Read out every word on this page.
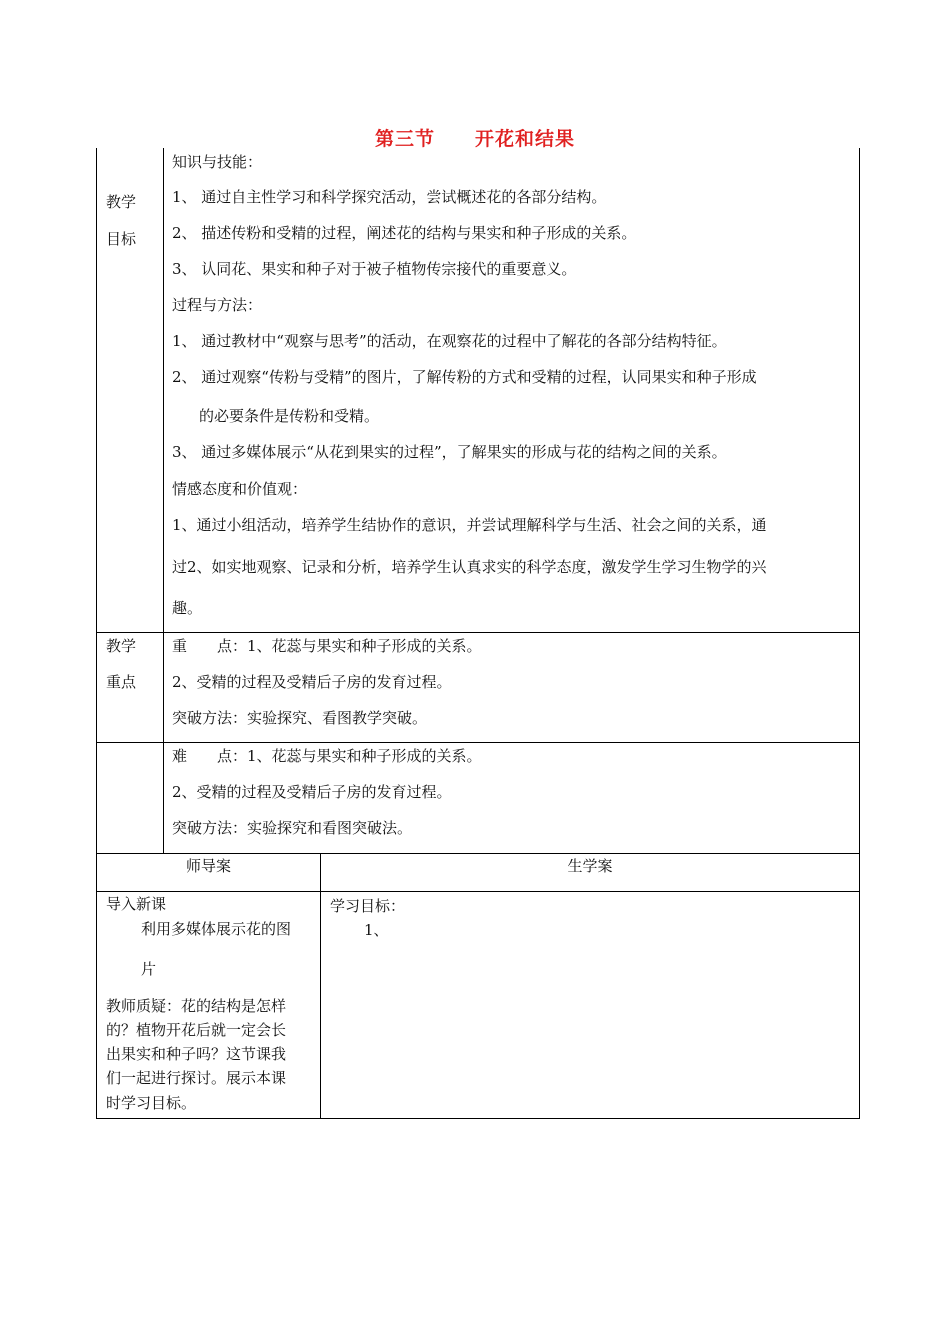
第三节 开花和结果
教学
目标
知识与技能：
1、 通过自主性学习和科学探究活动，尝试概述花的各部分结构。
2、 描述传粉和受精的过程，阐述花的结构与果实和种子形成的关系。
3、 认同花、果实和种子对于被子植物传宗接代的重要意义。
过程与方法：
1、 通过教材中“观察与思考”的活动，在观察花的过程中了解花的各部分结构特征。
2、 通过观察“传粉与受精”的图片，了解传粉的方式和受精的过程，认同果实和种子形成
的必要条件是传粉和受精。
3、 通过多媒体展示“从花到果实的过程”，了解果实的形成与花的结构之间的关系。
情感态度和价值观：
1、通过小组活动，培养学生结协作的意识，并尝试理解科学与生活、社会之间的关系，通
过2、如实地观察、记录和分析，培养学生认真求实的科学态度，激发学生学习生物学的兴
趣。
教学
重点
重　　点：1、花蕊与果实和种子形成的关系。
2、受精的过程及受精后子房的发育过程。
突破方法：实验探究、看图教学突破。
难　　点：1、花蕊与果实和种子形成的关系。
2、受精的过程及受精后子房的发育过程。
突破方法：实验探究和看图突破法。
师导案	生学案
导入新课
利用多媒体展示花的图
片
教师质疑：花的结构是怎样
的？植物开花后就一定会长
出果实和种子吗？这节课我
们一起进行探讨。展示本课
时学习目标。
学习目标：
1、
